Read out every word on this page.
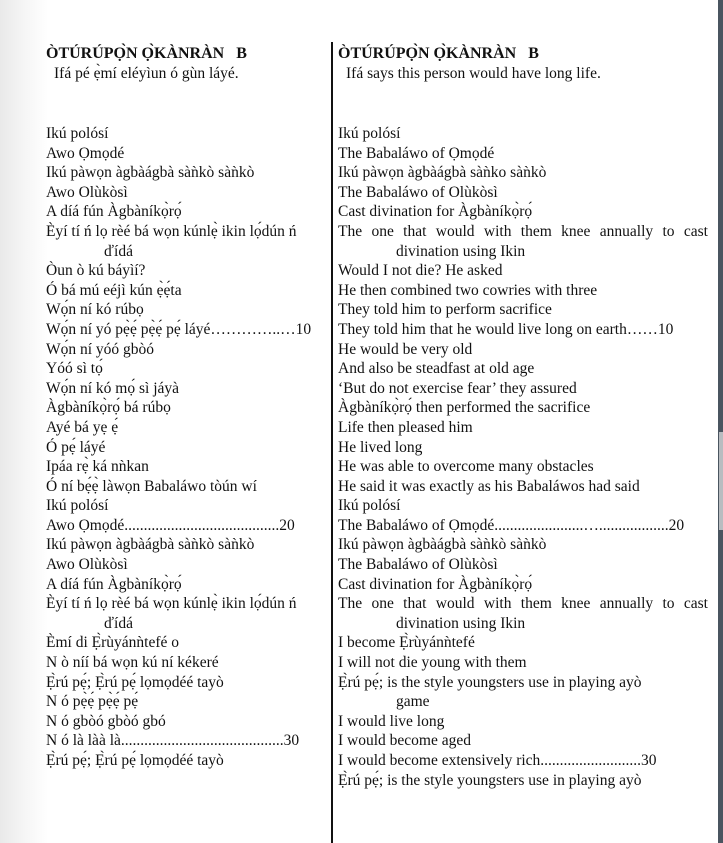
ÒTÚRÚPỌ̀N Ọ̀KÀNRÀN   B
Ifá pé ẹ̀mí eléyìun ó gùn láyé.
Ikú polósí
Awo Ọmọdé
Ikú pàwọn àgbàágbà sàǹkò sàǹkò
Awo Olùkòsì
A díá fún Àgbàníkọ̀rọ́
Èyí tí ń lọ rèé bá wọn kúnlẹ̀ ikin lọ́dún ń
ďídá
Òun ò kú báyìí?
Ó bá mú eéjì kún ẹ̀ẹ́ta
Wọ́n ní kó rúbọ
Wọ́n ní yó pẹ̀ẹ́ pẹ̀ẹ́ pẹ́ láyé…………..…10
Wọ́n ní yóó gbòó
Yóó sì tọ́
Wọ́n ní kó mọ́ sì jáyà
Àgbàníkọ̀rọ́ bá rúbọ
Ayé bá yẹ ẹ́
Ó pẹ́ láyé
Ipáa rẹ̀ ká nǹkan
Ó ní bẹ́ẹ̀ làwọn Babaláwo tòún wí
Ikú polósí
Awo Ọmọdé........................................20
Ikú pàwọn àgbàágbà sàǹkò sàǹkò
Awo Olùkòsì
A díá fún Àgbàníkọ̀rọ́
Èyí tí ń lọ rèé bá wọn kúnlẹ̀ ikin lọ́dún ń
ďídá
Èmí di Ẹ̀rùyánǹtefé o
N ò níí bá wọn kú ní kékeré
Ẹ̀rú pẹ́; Ẹ̀rú pẹ́ lọmọdéé tayò
N ó pẹ̀ẹ́ pẹ̀ẹ́ pẹ́
N ó gbòó gbòó gbó
N ó là làà là..........................................30
Ẹ̀rú pẹ́; Ẹ̀rú pẹ́ lọmọdéé tayò
ÒTÚRÚPỌ̀N Ọ̀KÀNRÀN   B
Ifá says this person would have long life.
Ikú polósí
The Babaláwo of Ọmọdé
Ikú pàwọn àgbàágbà sàǹko sàǹkò
The Babaláwo of Olùkòsì
Cast divination for Àgbàníkọ̀rọ́
The one that would with them knee annually to cast
divination using Ikin
Would I not die? He asked
He then combined two cowries with three
They told him to perform sacrifice
They told him that he would live long on earth……10
He would be very old
And also be steadfast at old age
‘But do not exercise fear’ they assured
Àgbàníkọ̀rọ́ then performed the sacrifice
Life then pleased him
He lived long
He was able to overcome many obstacles
He said it was exactly as his Babaláwos had said
Ikú polósí
The Babaláwo of Ọmọdé.......................…..................20
Ikú pàwọn àgbàágbà sàǹkò sàǹkò
The Babaláwo of Olùkòsì
Cast divination for Àgbàníkọ̀rọ́
The one that would with them knee annually to cast
divination using Ikin
I become Ẹ̀rùyánǹtefé
I will not die young with them
Ẹ̀rú pẹ́; is the style youngsters use in playing ayò
game
I would live long
I would become aged
I would become extensively rich..........................30
Ẹ̀rú pẹ́; is the style youngsters use in playing ayò
